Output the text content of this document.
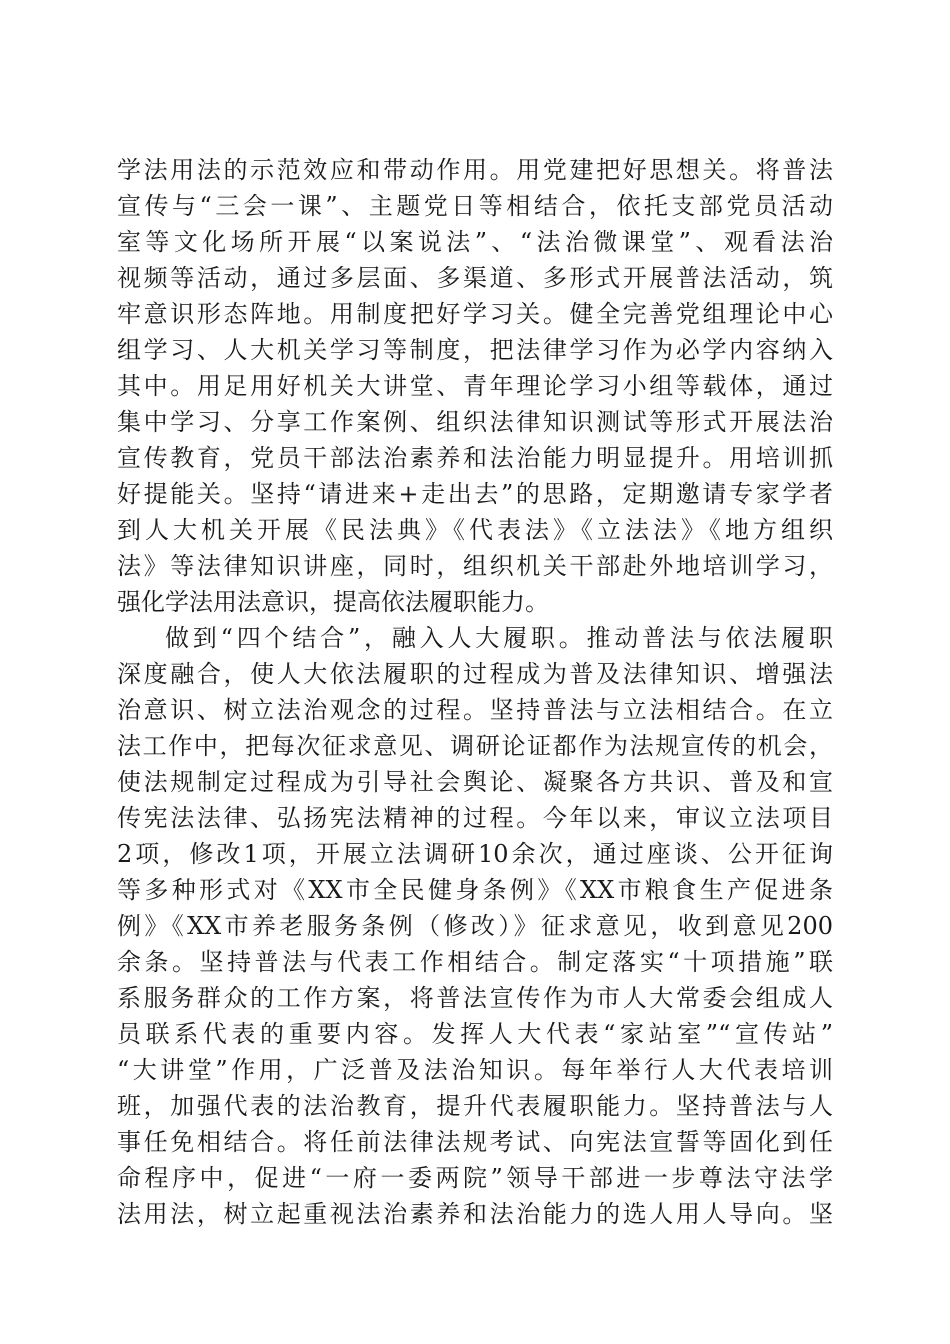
学法用法的示范效应和带动作用。用党建把好思想关。将普法
宣传与“三会一课”、主题党日等相结合，依托支部党员活动
室等文化场所开展“以案说法”、“法治微课堂”、观看法治
视频等活动，通过多层面、多渠道、多形式开展普法活动，筑
牢意识形态阵地。用制度把好学习关。健全完善党组理论中心
组学习、人大机关学习等制度，把法律学习作为必学内容纳入
其中。用足用好机关大讲堂、青年理论学习小组等载体，通过
集中学习、分享工作案例、组织法律知识测试等形式开展法治
宣传教育，党员干部法治素养和法治能力明显提升。用培训抓
好提能关。坚持“请进来+走出去”的思路，定期邀请专家学者
到人大机关开展《民法典》《代表法》《立法法》《地方组织
法》等法律知识讲座，同时，组织机关干部赴外地培训学习，
强化学法用法意识，提高依法履职能力。
做到“四个结合”，融入人大履职。推动普法与依法履职
深度融合，使人大依法履职的过程成为普及法律知识、增强法
治意识、树立法治观念的过程。坚持普法与立法相结合。在立
法工作中，把每次征求意见、调研论证都作为法规宣传的机会，
使法规制定过程成为引导社会舆论、凝聚各方共识、普及和宣
传宪法法律、弘扬宪法精神的过程。今年以来，审议立法项目
2项，修改1项，开展立法调研10余次，通过座谈、公开征询
等多种形式对《XX市全民健身条例》《XX市粮食生产促进条
例》《XX市养老服务条例（修改）》征求意见，收到意见200
余条。坚持普法与代表工作相结合。制定落实“十项措施”联
系服务群众的工作方案，将普法宣传作为市人大常委会组成人
员联系代表的重要内容。发挥人大代表“家站室”“宣传站”
“大讲堂”作用，广泛普及法治知识。每年举行人大代表培训
班，加强代表的法治教育，提升代表履职能力。坚持普法与人
事任免相结合。将任前法律法规考试、向宪法宣誓等固化到任
命程序中，促进“一府一委两院”领导干部进一步尊法守法学
法用法，树立起重视法治素养和法治能力的选人用人导向。坚
